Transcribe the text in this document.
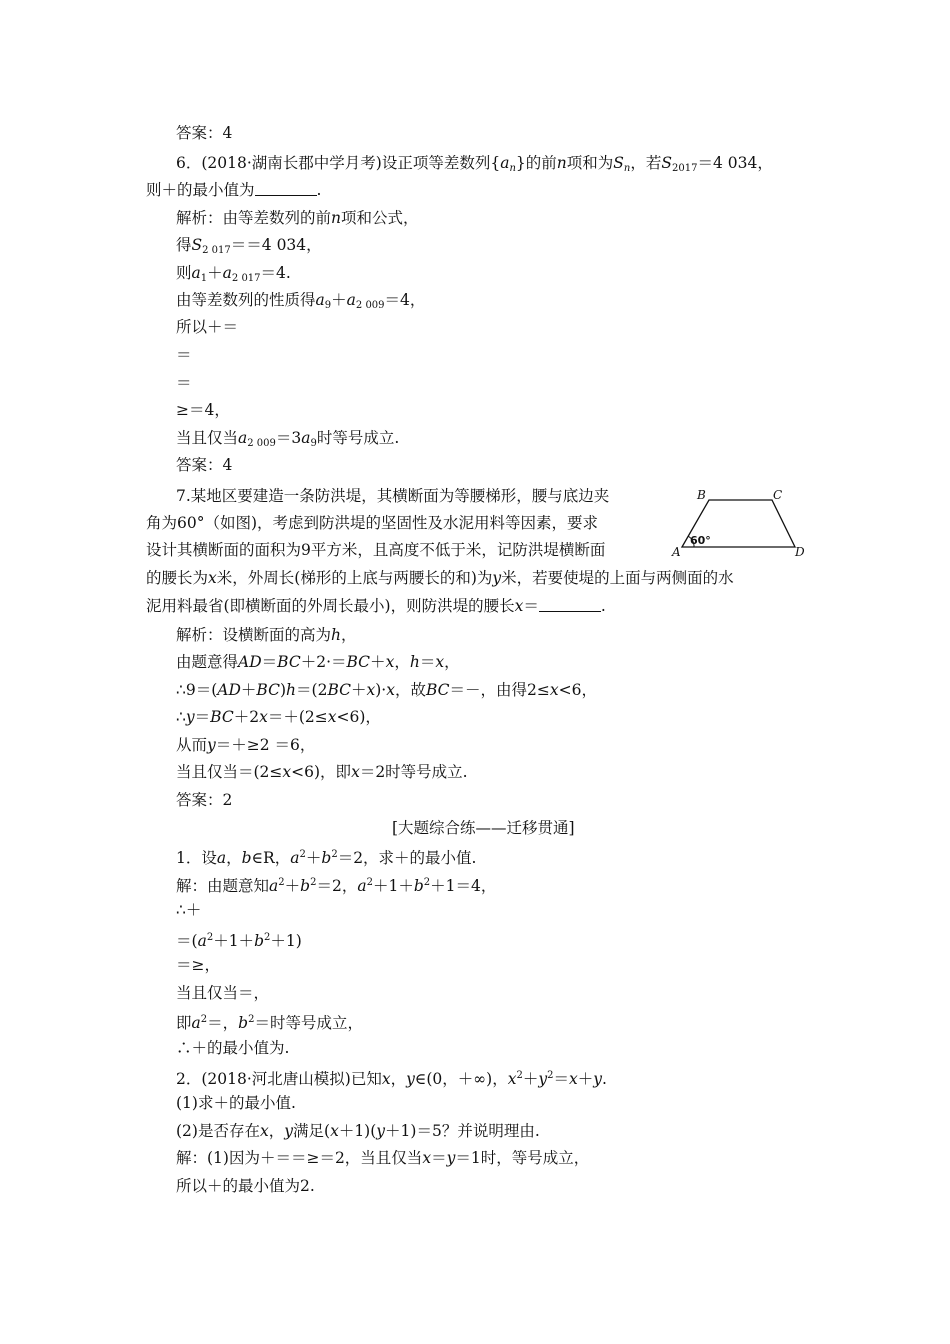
答案：4
6．(2018·湖南长郡中学月考)设正项等差数列$\{a_n\}$的前n项和为$S_n$，若$S_{2017}=4$ 034，
则＋的最小值为	.
解析：由等差数列的前n项和公式，
得$S_{2 017}==4$ 034，
则$a_1+a_{2 017}=4$.
由等差数列的性质得$a_9+a_{2 009}=4$，
所以＋＝
＝
＝
≥＝4，
当且仅当$a_{2 009}=3a_9$时等号成立.
答案：4
7.某地区要建造一条防洪堤，其横断面为等腰梯形，腰与底边夹
角为60°（如图)，考虑到防洪堤的坚固性及水泥用料等因素，要求
设计其横断面的面积为9平方米，且高度不低于米，记防洪堤横断面
的腰长为x米，外周长(梯形的上底与两腰长的和)为y米，若要使堤的上面与两侧面的水
泥用料最省(即横断面的外周长最小)，则防洪堤的腰长x＝	.
B	C
A	D
60°
解析：设横断面的高为h，
由题意得AD＝BC＋2·＝BC＋x，h＝x，
∴9＝(AD＋BC)h＝(2BC＋x)·x，故BC＝－，由得2≤x<6，
∴y＝BC＋2x＝＋(2≤x<6)，
从而y＝＋≥2 ＝6，
当且仅当＝(2≤x<6)，即x＝2时等号成立.
答案：2
[大题综合练——迁移贯通]
1．设a，b∈R，$a^2+b^2=2$，求＋的最小值.
解：由题意知$a^2+b^2=2$，$a^2+1+b^2+1=4$，
∴＋
$=(a^2+1+b^2+1)$
＝≥，
当且仅当＝，
即$a^2=$，$b^2=$时等号成立，
∴＋的最小值为.
2．(2018·河北唐山模拟)已知x，y∈(0，＋∞)，$x^2+y^2=x+y$.
(1)求＋的最小值.
(2)是否存在x，y满足(x＋1)(y＋1)＝5？并说明理由.
解：(1)因为＋＝＝≥＝2，当且仅当x＝y＝1时，等号成立，
所以＋的最小值为2.
